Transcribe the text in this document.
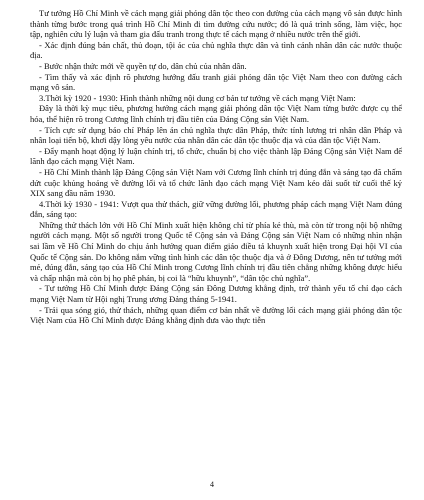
Tư tưởng Hồ Chí Minh về cách mạng giải phóng dân tộc theo con đường của cách mạng vô sản được hình thành từng bước trong quá trình Hồ Chí Minh đi tìm đường cứu nước; đó là quá trình sống, làm việc, học tập, nghiên cứu lý luận và tham gia đấu tranh trong thực tế cách mạng ở nhiều nước trên thế giới.

- Xác định đúng bản chất, thủ đoạn, tội ác của chủ nghĩa thực dân và tình cảnh nhân dân các nước thuộc địa.

- Bước nhận thức mới về quyền tự do, dân chủ của nhân dân.

- Tìm thấy và xác định rõ phương hướng đấu tranh giải phóng dân tộc Việt Nam theo con đường cách mạng vô sản.

3.Thời kỳ 1920 - 1930: Hình thành những nội dung cơ bản tư tưởng về cách mạng Việt Nam:

Đây là thời kỳ mục tiêu, phương hướng cách mạng giải phóng dân tộc Việt Nam từng bước được cụ thể hóa, thể hiện rõ trong Cương lĩnh chính trị đầu tiên của Đảng Cộng sản Việt Nam.

- Tích cực sử dụng báo chí Pháp lên án chủ nghĩa thực dân Pháp, thức tỉnh lương tri nhân dân Pháp và nhân loại tiến bộ, khơi dậy lòng yêu nước của nhân dân các dân tộc thuộc địa và của dân tộc Việt Nam.

- Đẩy mạnh hoạt động lý luận chính trị, tổ chức, chuẩn bị cho việc thành lập Đảng Cộng sản Việt Nam để lãnh đạo cách mạng Việt Nam.

- Hồ Chí Minh thành lập Đảng Cộng sản Việt Nam với Cương lĩnh chính trị đúng đắn và sáng tạo đã chấm dứt cuộc khủng hoảng về đường lối và tổ chức lãnh đạo cách mạng Việt Nam kéo dài suốt từ cuối thế kỷ XIX sang đầu năm 1930.

4.Thời kỳ 1930 - 1941: Vượt qua thử thách, giữ vững đường lối, phương pháp cách mạng Việt Nam đúng đắn, sáng tạo:

Những thử thách lớn với Hồ Chí Minh xuất hiện không chỉ từ phía kẻ thù, mà còn từ trong nội bộ những người cách mạng. Một số người trong Quốc tế Cộng sản và Đảng Cộng sản Việt Nam có những nhìn nhận sai lầm về Hồ Chí Minh do chịu ảnh hưởng quan điểm giáo điều tả khuynh xuất hiện trong Đại hội VI của Quốc tế Cộng sản. Do không nắm vững tình hình các dân tộc thuộc địa và ở Đông Dương, nên tư tưởng mới mẻ, đúng đắn, sáng tạo của Hồ Chí Minh trong Cương lĩnh chính trị đầu tiên chẳng những không được hiểu và chấp nhận mà còn bị họ phê phán, bị coi là “hữu khuynh”, “dân tộc chủ nghĩa”.

- Tư tưởng Hồ Chí Minh được Đảng Cộng sản Đông Dương khẳng định, trở thành yếu tố chỉ đạo cách mạng Việt Nam từ Hội nghị Trung ương Đảng tháng 5-1941.

- Trải qua sóng gió, thử thách, những quan điểm cơ bản nhất về đường lối cách mạng giải phóng dân tộc Việt Nam của Hồ Chí Minh được Đảng khẳng định đưa vào thực tiễn

4
